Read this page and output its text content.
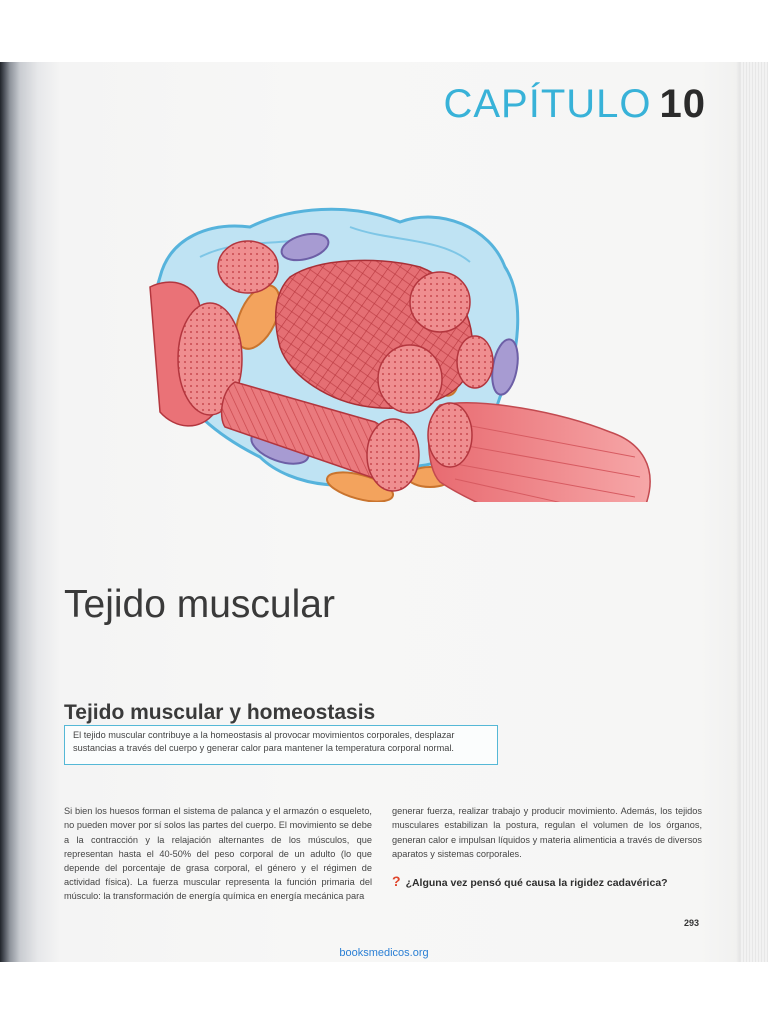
CAPÍTULO 10
Tejido muscular
Tejido muscular y homeostasis
El tejido muscular contribuye a la homeostasis al provocar movimientos corporales, desplazar sustancias a través del cuerpo y generar calor para mantener la temperatura corporal normal.

Si bien los huesos forman el sistema de palanca y el armazón o esqueleto, no pueden mover por sí solos las partes del cuerpo. El movimiento se debe a la contracción y la relajación alternantes de los músculos, que representan hasta el 40-50% del peso corporal de un adulto (lo que depende del porcentaje de grasa corporal, el género y el régimen de actividad física). La fuerza muscular representa la función primaria del músculo: la transformación de energía química en energía mecánica para

generar fuerza, realizar trabajo y producir movimiento. Además, los tejidos musculares estabilizan la postura, regulan el volumen de los órganos, generan calor e impulsan líquidos y materia alimenticia a través de diversos aparatos y sistemas corporales.

? ¿Alguna vez pensó qué causa la rigidez cadavérica?
293
booksmedicos.org
